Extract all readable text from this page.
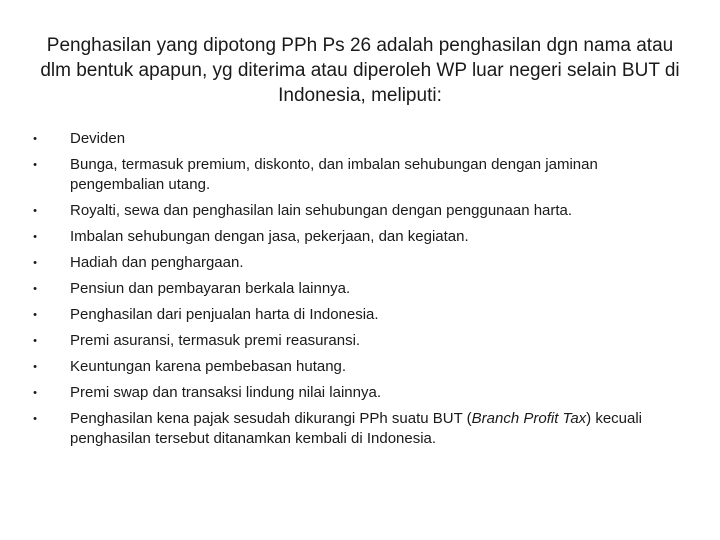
Penghasilan yang dipotong PPh Ps 26 adalah penghasilan dgn nama atau dlm bentuk apapun, yg diterima atau diperoleh WP luar negeri selain BUT di Indonesia, meliputi:
• Deviden
• Bunga, termasuk premium, diskonto, dan imbalan sehubungan dengan jaminan pengembalian utang.
• Royalti, sewa dan penghasilan lain sehubungan dengan penggunaan harta.
• Imbalan sehubungan dengan jasa, pekerjaan, dan kegiatan.
• Hadiah dan penghargaan.
• Pensiun dan pembayaran berkala lainnya.
• Penghasilan dari penjualan harta di Indonesia.
• Premi asuransi, termasuk premi reasuransi.
• Keuntungan karena pembebasan hutang.
• Premi swap dan transaksi lindung nilai lainnya.
• Penghasilan kena pajak sesudah dikurangi PPh suatu BUT (Branch Profit Tax) kecuali penghasilan tersebut ditanamkan kembali di Indonesia.
